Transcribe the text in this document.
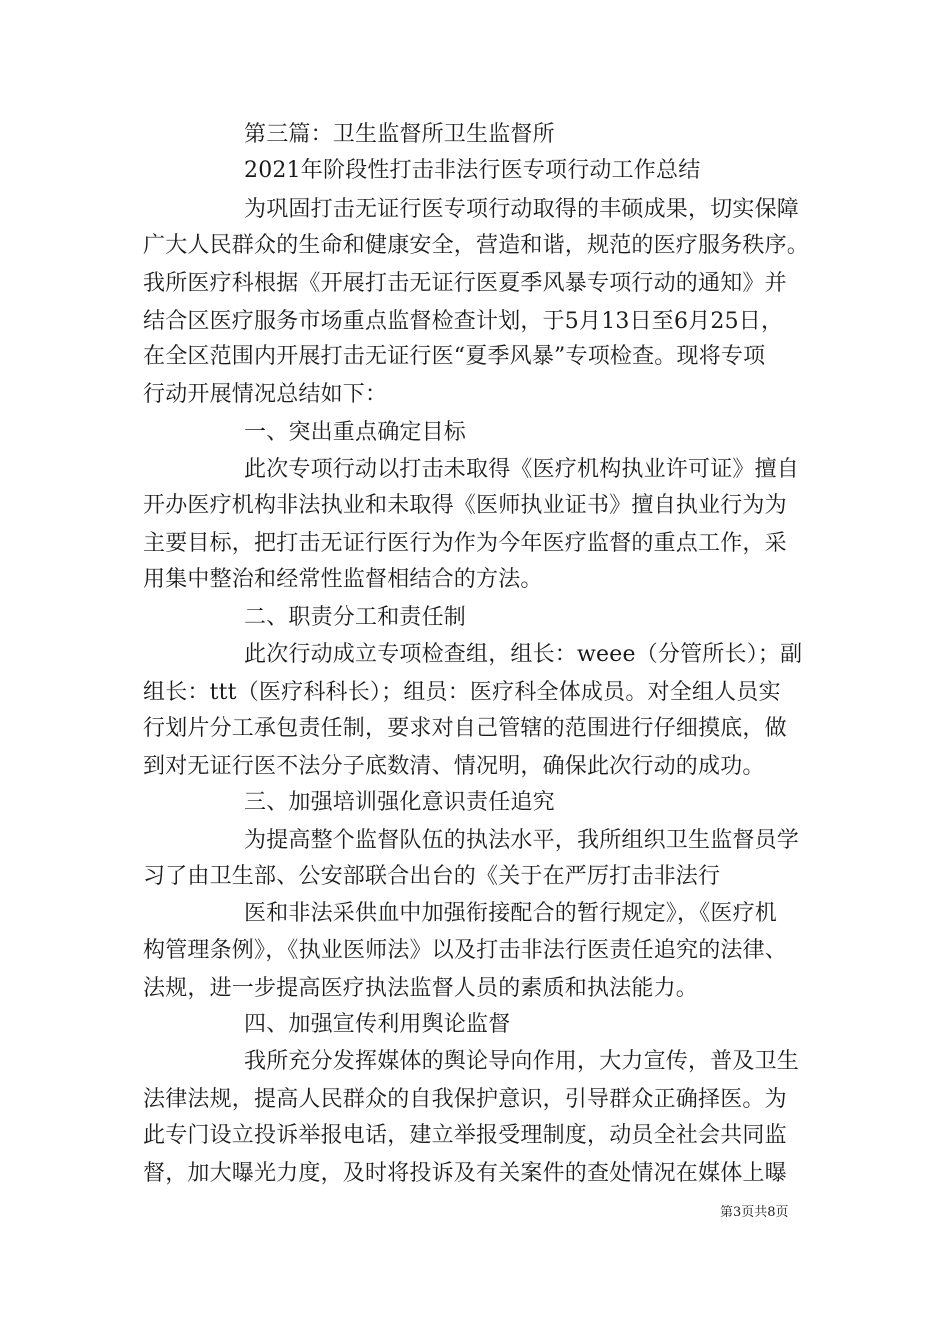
第三篇：卫生监督所卫生监督所
2021年阶段性打击非法行医专项行动工作总结
为巩固打击无证行医专项行动取得的丰硕成果，切实保障
广大人民群众的生命和健康安全，营造和谐，规范的医疗服务秩序。
我所医疗科根据《开展打击无证行医夏季风暴专项行动的通知》并
结合区医疗服务市场重点监督检查计划，于5月13日至6月25日，
在全区范围内开展打击无证行医“夏季风暴”专项检查。现将专项
行动开展情况总结如下：
一、突出重点确定目标
此次专项行动以打击未取得《医疗机构执业许可证》擅自
开办医疗机构非法执业和未取得《医师执业证书》擅自执业行为为
主要目标，把打击无证行医行为作为今年医疗监督的重点工作，采
用集中整治和经常性监督相结合的方法。
二、职责分工和责任制
此次行动成立专项检查组，组长：weee（分管所长）；副
组长：ttt（医疗科科长）；组员：医疗科全体成员。对全组人员实
行划片分工承包责任制，要求对自己管辖的范围进行仔细摸底，做
到对无证行医不法分子底数清、情况明，确保此次行动的成功。
三、加强培训强化意识责任追究
为提高整个监督队伍的执法水平，我所组织卫生监督员学
习了由卫生部、公安部联合出台的《关于在严厉打击非法行
医和非法采供血中加强衔接配合的暂行规定》，《医疗机
构管理条例》，《执业医师法》以及打击非法行医责任追究的法律、
法规，进一步提高医疗执法监督人员的素质和执法能力。
四、加强宣传利用舆论监督
我所充分发挥媒体的舆论导向作用，大力宣传，普及卫生
法律法规，提高人民群众的自我保护意识，引导群众正确择医。为
此专门设立投诉举报电话，建立举报受理制度，动员全社会共同监
督，加大曝光力度，及时将投诉及有关案件的查处情况在媒体上曝
第3页共8页
